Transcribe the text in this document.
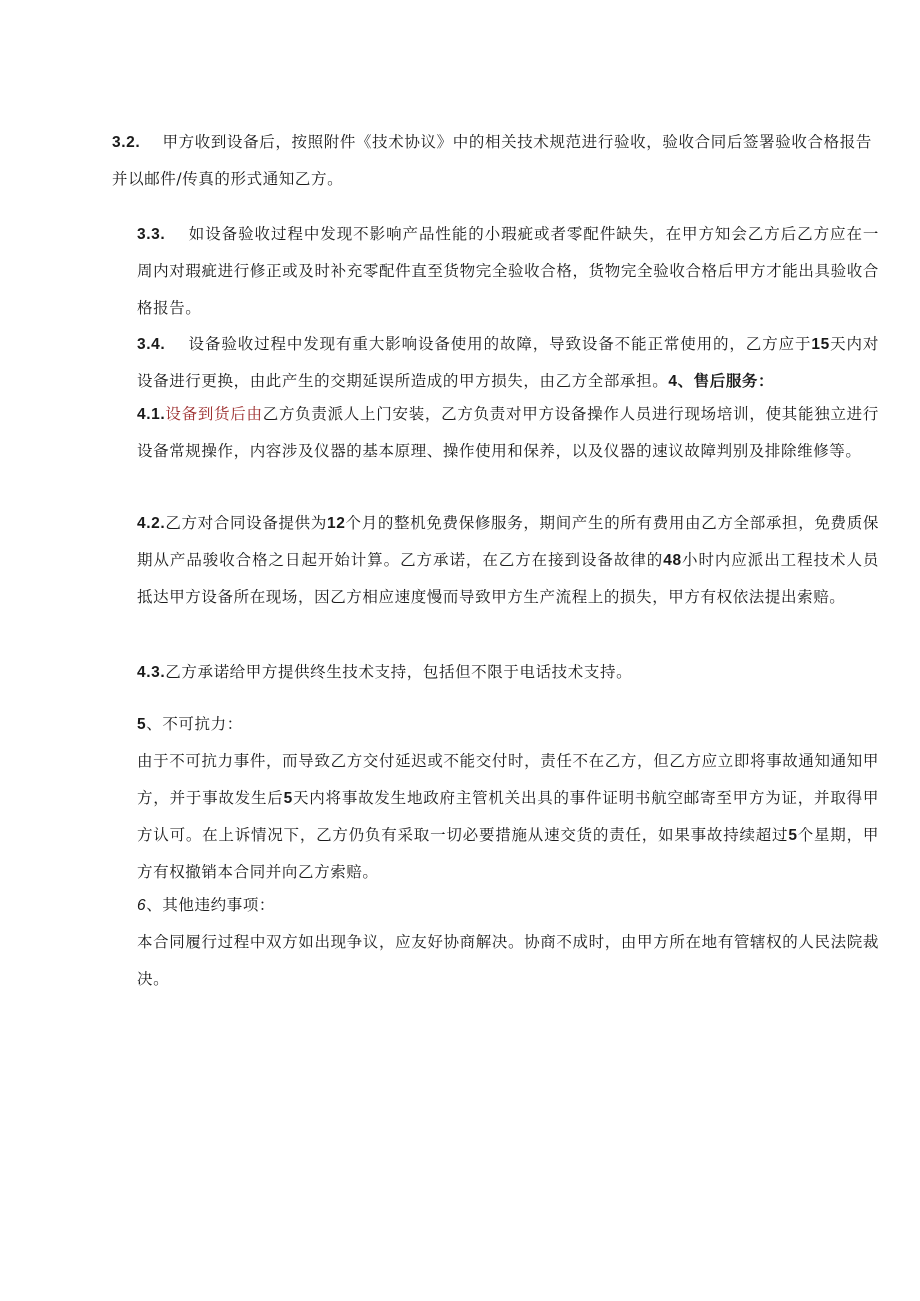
3.2. 甲方收到设备后，按照附件《技术协议》中的相关技术规范进行验收，验收合同后签署验收合格报告并以邮件/传真的形式通知乙方。

3.3. 如设备验收过程中发现不影响产品性能的小瑕疵或者零配件缺失，在甲方知会乙方后乙方应在一周内对瑕疵进行修正或及时补充零配件直至货物完全验收合格，货物完全验收合格后甲方才能出具验收合格报告。

3.4. 设备验收过程中发现有重大影响设备使用的故障，导致设备不能正常使用的，乙方应于15天内对设备进行更换，由此产生的交期延误所造成的甲方损失，由乙方全部承担。4、售后服务：

4.1.设备到货后由乙方负责派人上门安装，乙方负责对甲方设备操作人员进行现场培训，使其能独立进行设备常规操作，内容涉及仪器的基本原理、操作使用和保养，以及仪器的速议故障判别及排除维修等。

4.2.乙方对合同设备提供为12个月的整机免费保修服务，期间产生的所有费用由乙方全部承担，免费质保期从产品骏收合格之日起开始计算。乙方承诺，在乙方在接到设备故律的48小时内应派出工程技术人员抵达甲方设备所在现场，因乙方相应速度慢而导致甲方生产流程上的损失，甲方有权依法提出索赔。

4.3.乙方承诺给甲方提供终生技术支持，包括但不限于电话技术支持。

5、不可抗力：

由于不可抗力事件，而导致乙方交付延迟或不能交付时，责任不在乙方，但乙方应立即将事故通知通知甲方，并于事故发生后5天内将事故发生地政府主管机关出具的事件证明书航空邮寄至甲方为证，并取得甲方认可。在上诉情况下，乙方仍负有采取一切必要措施从速交货的责任，如果事故持续超过5个星期，甲方有权撤销本合同并向乙方索赔。

6、其他违约事项：

本合同履行过程中双方如出现争议，应友好协商解决。协商不成时，由甲方所在地有管辖权的人民法院裁决。
